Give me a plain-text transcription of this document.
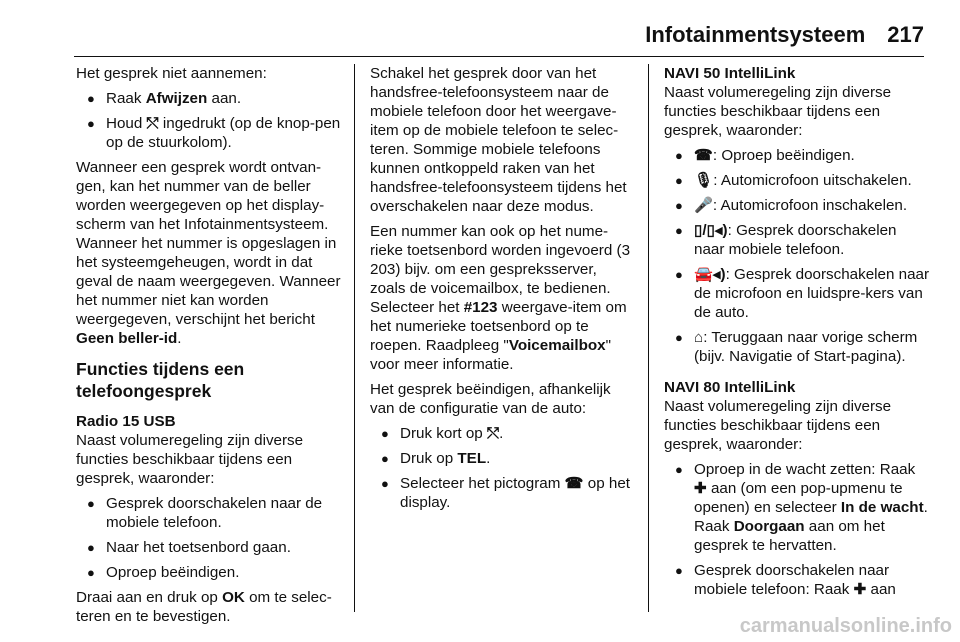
Infotainmentsysteem 217

Het gesprek niet aannemen:

● Raak Afwijzen aan.
● Houd ⤲ ingedrukt (op de knop-pen op de stuurkolom).

Wanneer een gesprek wordt ontvan-gen, kan het nummer van de beller worden weergegeven op het display-scherm van het Infotainmentsysteem. Wanneer het nummer is opgeslagen in het systeemgeheugen, wordt in dat geval de naam weergegeven. Wanneer het nummer niet kan worden weergegeven, verschijnt het bericht Geen beller-id.

Functies tijdens een telefoongesprek

Radio 15 USB

Naast volumeregeling zijn diverse functies beschikbaar tijdens een gesprek, waaronder:

● Gesprek doorschakelen naar de mobiele telefoon.
● Naar het toetsenbord gaan.
● Oproep beëindigen.

Draai aan en druk op OK om te selec-teren en te bevestigen.

Schakel het gesprek door van het handsfree-telefoonsysteem naar de mobiele telefoon door het weergave-item op de mobiele telefoon te selec-teren. Sommige mobiele telefoons kunnen ontkoppeld raken van het handsfree-telefoonsysteem tijdens het overschakelen naar deze modus.

Een nummer kan ook op het nume-rieke toetsenbord worden ingevoerd (3 203) bijv. om een gespreksserver, zoals de voicemailbox, te bedienen. Selecteer het #123 weergave-item om het numerieke toetsenbord op te roepen. Raadpleeg "Voicemailbox" voor meer informatie.

Het gesprek beëindigen, afhankelijk van de configuratie van de auto:

● Druk kort op ⤲.
● Druk op TEL.
● Selecteer het pictogram ☎ op het display.

NAVI 50 IntelliLink

Naast volumeregeling zijn diverse functies beschikbaar tijdens een gesprek, waaronder:

● ☎: Oproep beëindigen.
● 🎙: Automicrofoon uitschakelen.
● 🎤: Automicrofoon inschakelen.
● ▯/▯◂): Gesprek doorschakelen naar mobiele telefoon.
● 🚘◂): Gesprek doorschakelen naar de microfoon en luidspre-kers van de auto.
● ⌂: Teruggaan naar vorige scherm (bijv. Navigatie of Start-pagina).

NAVI 80 IntelliLink

Naast volumeregeling zijn diverse functies beschikbaar tijdens een gesprek, waaronder:

● Oproep in de wacht zetten: Raak ✚ aan (om een pop-upmenu te openen) en selecteer In de wacht. Raak Doorgaan aan om het gesprek te hervatten.
● Gesprek doorschakelen naar mobiele telefoon: Raak ✚ aan
carmanualsonline.info
